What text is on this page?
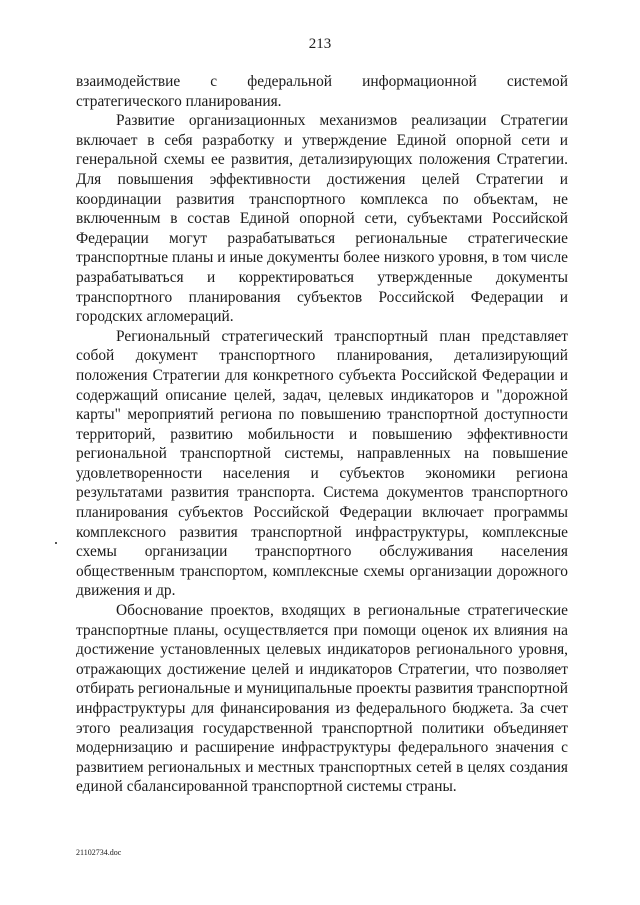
213

взаимодействие с федеральной информационной системой стратегического планирования.

Развитие организационных механизмов реализации Стратегии включает в себя разработку и утверждение Единой опорной сети и генеральной схемы ее развития, детализирующих положения Стратегии. Для повышения эффективности достижения целей Стратегии и координации развития транспортного комплекса по объектам, не включенным в состав Единой опорной сети, субъектами Российской Федерации могут разрабатываться региональные стратегические транспортные планы и иные документы более низкого уровня, в том числе разрабатываться и корректироваться утвержденные документы транспортного планирования субъектов Российской Федерации и городских агломераций.

Региональный стратегический транспортный план представляет собой документ транспортного планирования, детализирующий положения Стратегии для конкретного субъекта Российской Федерации и содержащий описание целей, задач, целевых индикаторов и "дорожной карты" мероприятий региона по повышению транспортной доступности территорий, развитию мобильности и повышению эффективности региональной транспортной системы, направленных на повышение удовлетворенности населения и субъектов экономики региона результатами развития транспорта. Система документов транспортного планирования субъектов Российской Федерации включает программы комплексного развития транспортной инфраструктуры, комплексные схемы организации транспортного обслуживания населения общественным транспортом, комплексные схемы организации дорожного движения и др.

Обоснование проектов, входящих в региональные стратегические транспортные планы, осуществляется при помощи оценок их влияния на достижение установленных целевых индикаторов регионального уровня, отражающих достижение целей и индикаторов Стратегии, что позволяет отбирать региональные и муниципальные проекты развития транспортной инфраструктуры для финансирования из федерального бюджета. За счет этого реализация государственной транспортной политики объединяет модернизацию и расширение инфраструктуры федерального значения с развитием региональных и местных транспортных сетей в целях создания единой сбалансированной транспортной системы страны.

21102734.doc
